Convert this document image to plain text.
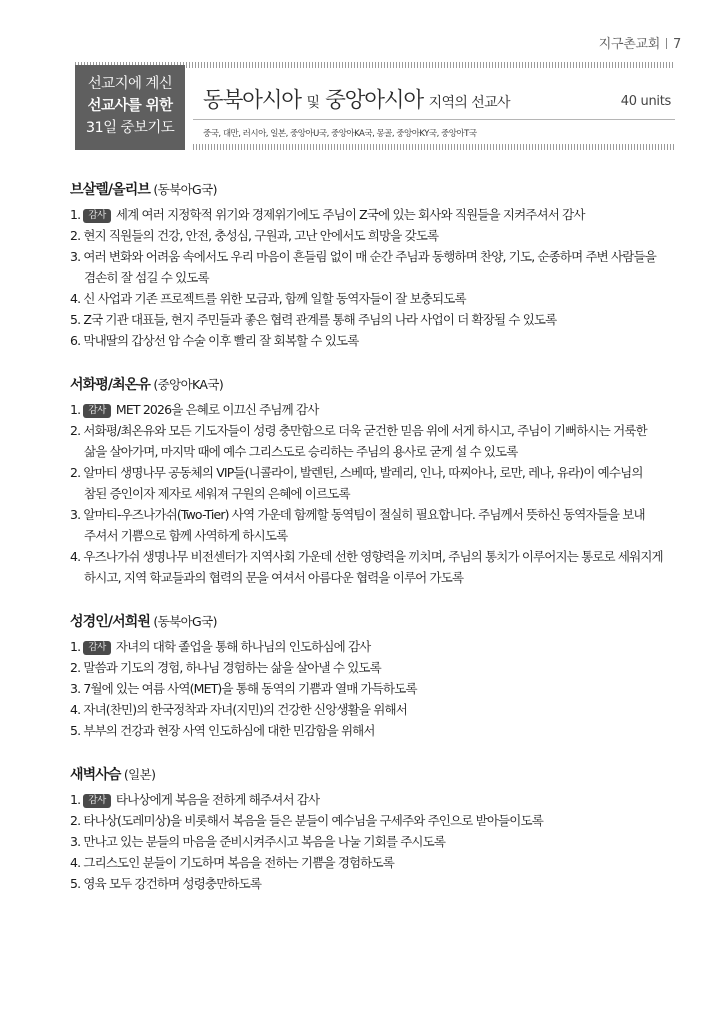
지구촌교회 7
선교지에 계신
선교사를 위한
31일 중보기도
동북아시아 및 중앙아시아 지역의 선교사	40 units
중국, 대만, 러시아, 일본, 중앙아U국, 중앙아KA국, 몽골, 중앙아KY국, 중앙아T국
브살렐/올리브 (동북아G국)
1. 감사 세계 여러 지정학적 위기와 경제위기에도 주님이 Z국에 있는 회사와 직원들을 지켜주셔서 감사
2. 현지 직원들의 건강, 안전, 충성심, 구원과, 고난 안에서도 희망을 갖도록
3. 여러 변화와 어려움 속에서도 우리 마음이 흔들림 없이 매 순간 주님과 동행하며 찬양, 기도, 순종하며 주변 사람들을
겸손히 잘 섬길 수 있도록
4. 신 사업과 기존 프로젝트를 위한 모금과, 함께 일할 동역자들이 잘 보충되도록
5. Z국 기관 대표들, 현지 주민들과 좋은 협력 관계를 통해 주님의 나라 사업이 더 확장될 수 있도록
6. 막내딸의 갑상선 암 수술 이후 빨리 잘 회복할 수 있도록
서화평/최온유 (중앙아KA국)
1. 감사 MET 2026을 은혜로 이끄신 주님께 감사
2. 서화평/최온유와 모든 기도자들이 성령 충만함으로 더욱 굳건한 믿음 위에 서게 하시고, 주님이 기뻐하시는 거룩한
삶을 살아가며, 마지막 때에 예수 그리스도로 승리하는 주님의 용사로 굳게 설 수 있도록
2. 알마티 생명나무 공동체의 VIP들(니콜라이, 발렌틴, 스베따, 발레리, 인나, 따찌아나, 로만, 레나, 유라)이 예수님의
참된 증인이자 제자로 세워져 구원의 은혜에 이르도록
3. 알마티-우즈나가쉬(Two-Tier) 사역 가운데 함께할 동역팀이 절실히 필요합니다. 주님께서 뜻하신 동역자들을 보내
주셔서 기쁨으로 함께 사역하게 하시도록
4. 우즈나가쉬 생명나무 비전센터가 지역사회 가운데 선한 영향력을 끼치며, 주님의 통치가 이루어지는 통로로 세워지게
하시고, 지역 학교들과의 협력의 문을 여셔서 아름다운 협력을 이루어 가도록
성경인/서희원 (동북아G국)
1. 감사 자녀의 대학 졸업을 통해 하나님의 인도하심에 감사
2. 말씀과 기도의 경험, 하나님 경험하는 삶을 살아낼 수 있도록
3. 7월에 있는 여름 사역(MET)을 통해 동역의 기쁨과 열매 가득하도록
4. 자녀(찬민)의 한국정착과 자녀(지민)의 건강한 신앙생활을 위해서
5. 부부의 건강과 현장 사역 인도하심에 대한 민감함을 위해서
새벽사슴 (일본)
1. 감사 타나상에게 복음을 전하게 해주셔서 감사
2. 타나상(도레미상)을 비롯해서 복음을 들은 분들이 예수님을 구세주와 주인으로 받아들이도록
3. 만나고 있는 분들의 마음을 준비시켜주시고 복음을 나눌 기회를 주시도록
4. 그리스도인 분들이 기도하며 복음을 전하는 기쁨을 경험하도록
5. 영육 모두 강건하며 성령충만하도록
